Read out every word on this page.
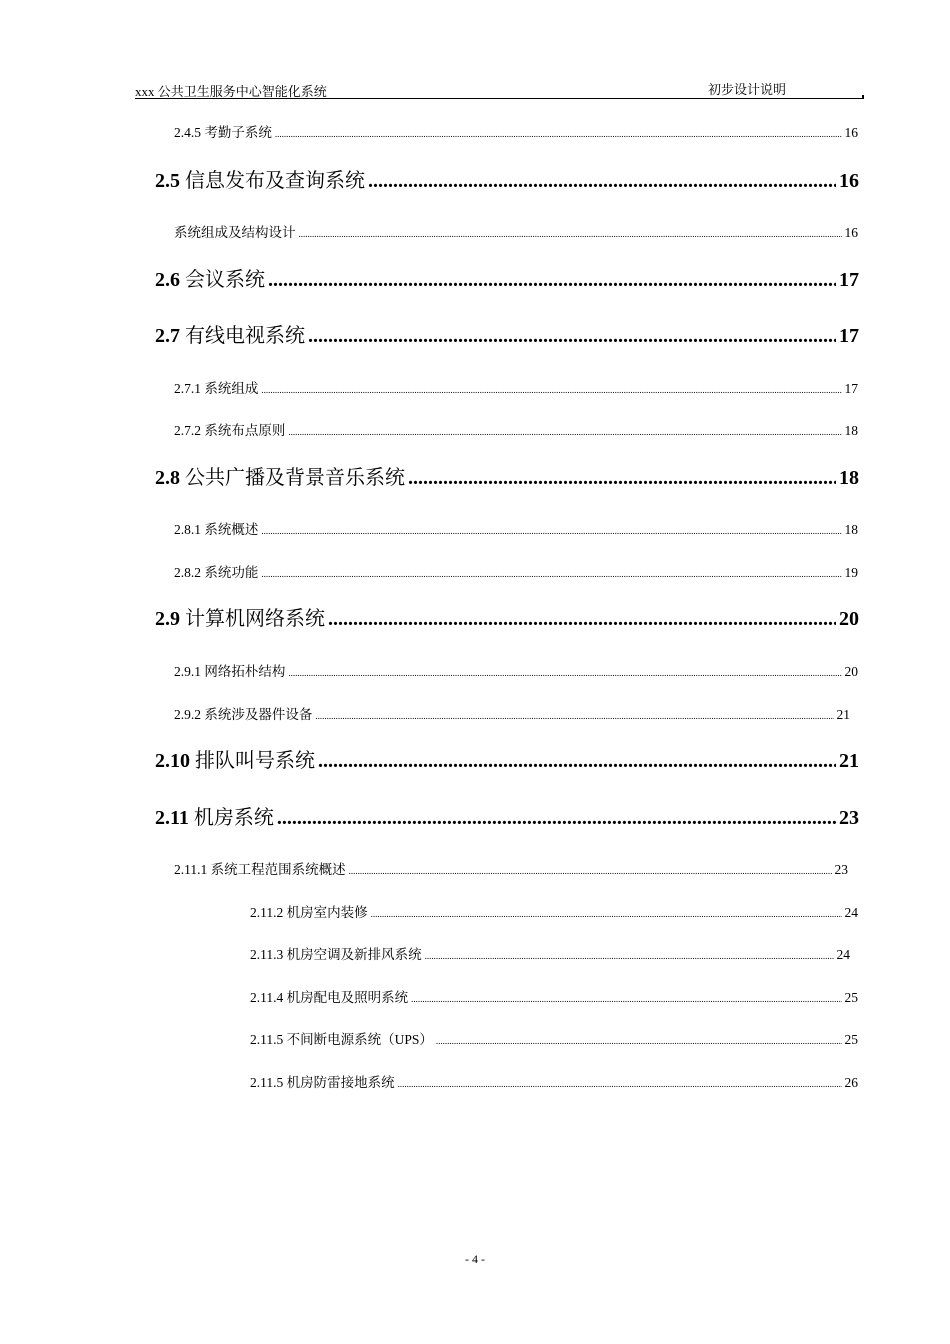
xxx 公共卫生服务中心智能化系统	初步设计说明
2.4.5 考勤子系统 .....	16
2.5 信息发布及查询系统 .....	16
系统组成及结构设计 .....	16
2.6 会议系统 .....	17
2.7 有线电视系统 .....	17
2.7.1 系统组成 .....	17
2.7.2 系统布点原则 .....	18
2.8 公共广播及背景音乐系统 .....	18
2.8.1 系统概述 .....	18
2.8.2 系统功能 .....	19
2.9 计算机网络系统 .....	20
2.9.1 网络拓朴结构 .....	20
2.9.2 系统涉及器件设备 .....	21
2.10 排队叫号系统 .....	21
2.11 机房系统 .....	23
2.11.1 系统工程范围系统概述 .....	23
2.11.2 机房室内装修 .....	24
2.11.3 机房空调及新排风系统 .....	24
2.11.4 机房配电及照明系统 .....	25
2.11.5 不间断电源系统（UPS） .....	25
2.11.5 机房防雷接地系统 .....	26
- 4 -
